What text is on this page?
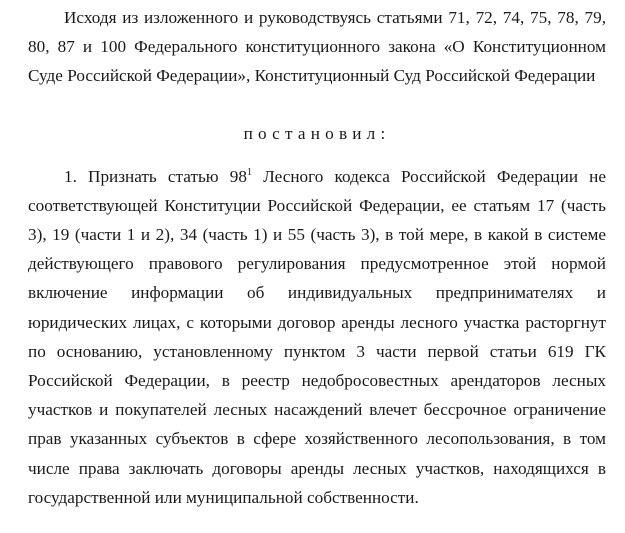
Исходя из изложенного и руководствуясь статьями 71, 72, 74, 75, 78, 79, 80, 87 и 100 Федерального конституционного закона «О Конституционном Суде Российской Федерации», Конституционный Суд Российской Федерации

постановил:

1. Признать статью $98^1$ Лесного кодекса Российской Федерации не соответствующей Конституции Российской Федерации, ее статьям 17 (часть 3), 19 (части 1 и 2), 34 (часть 1) и 55 (часть 3), в той мере, в какой в системе действующего правового регулирования предусмотренное этой нормой включение информации об индивидуальных предпринимателях и юридических лицах, с которыми договор аренды лесного участка расторгнут по основанию, установленному пунктом 3 части первой статьи 619 ГК Российской Федерации, в реестр недобросовестных арендаторов лесных участков и покупателей лесных насаждений влечет бессрочное ограничение прав указанных субъектов в сфере хозяйственного лесопользования, в том числе права заключать договоры аренды лесных участков, находящихся в государственной или муниципальной собственности.
